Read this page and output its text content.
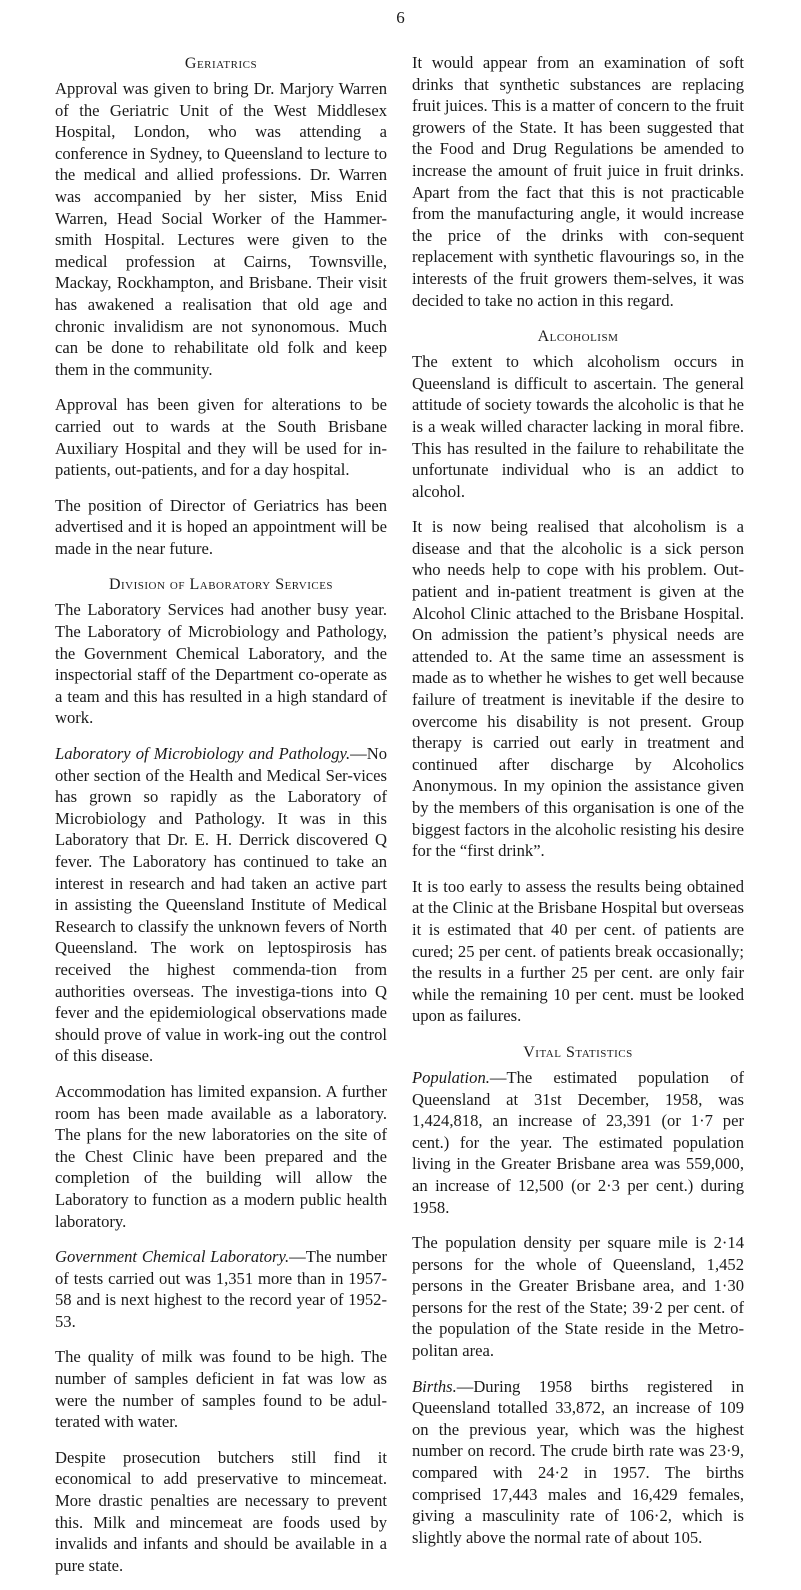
6
Geriatrics

Approval was given to bring Dr. Marjory Warren of the Geriatric Unit of the West Middlesex Hospital, London, who was attending a conference in Sydney, to Queensland to lecture to the medical and allied professions. Dr. Warren was accompanied by her sister, Miss Enid Warren, Head Social Worker of the Hammer-smith Hospital. Lectures were given to the medical profession at Cairns, Townsville, Mackay, Rockhampton, and Brisbane. Their visit has awakened a realisation that old age and chronic invalidism are not synonomous. Much can be done to rehabilitate old folk and keep them in the community.

Approval has been given for alterations to be carried out to wards at the South Brisbane Auxiliary Hospital and they will be used for in-patients, out-patients, and for a day hospital.

The position of Director of Geriatrics has been advertised and it is hoped an appointment will be made in the near future.

Division of Laboratory Services

The Laboratory Services had another busy year. The Laboratory of Microbiology and Pathology, the Government Chemical Laboratory, and the inspectorial staff of the Department co-operate as a team and this has resulted in a high standard of work.

Laboratory of Microbiology and Pathology.—No other section of the Health and Medical Ser-vices has grown so rapidly as the Laboratory of Microbiology and Pathology. It was in this Laboratory that Dr. E. H. Derrick discovered Q fever. The Laboratory has continued to take an interest in research and had taken an active part in assisting the Queensland Institute of Medical Research to classify the unknown fevers of North Queensland. The work on leptospirosis has received the highest commenda-tion from authorities overseas. The investiga-tions into Q fever and the epidemiological observations made should prove of value in work-ing out the control of this disease.

Accommodation has limited expansion. A further room has been made available as a laboratory. The plans for the new laboratories on the site of the Chest Clinic have been prepared and the completion of the building will allow the Laboratory to function as a modern public health laboratory.

Government Chemical Laboratory.—The number of tests carried out was 1,351 more than in 1957-58 and is next highest to the record year of 1952-53.

The quality of milk was found to be high. The number of samples deficient in fat was low as were the number of samples found to be adul-terated with water.

Despite prosecution butchers still find it economical to add preservative to mincemeat. More drastic penalties are necessary to prevent this. Milk and mincemeat are foods used by invalids and infants and should be available in a pure state.

It would appear from an examination of soft drinks that synthetic substances are replacing fruit juices. This is a matter of concern to the fruit growers of the State. It has been suggested that the Food and Drug Regulations be amended to increase the amount of fruit juice in fruit drinks. Apart from the fact that this is not practicable from the manufacturing angle, it would increase the price of the drinks with con-sequent replacement with synthetic flavourings so, in the interests of the fruit growers them-selves, it was decided to take no action in this regard.

Alcoholism

The extent to which alcoholism occurs in Queensland is difficult to ascertain. The general attitude of society towards the alcoholic is that he is a weak willed character lacking in moral fibre. This has resulted in the failure to rehabilitate the unfortunate individual who is an addict to alcohol.

It is now being realised that alcoholism is a disease and that the alcoholic is a sick person who needs help to cope with his problem. Out-patient and in-patient treatment is given at the Alcohol Clinic attached to the Brisbane Hospital. On admission the patient’s physical needs are attended to. At the same time an assessment is made as to whether he wishes to get well because failure of treatment is inevitable if the desire to overcome his disability is not present. Group therapy is carried out early in treatment and continued after discharge by Alcoholics Anonymous. In my opinion the assistance given by the members of this organisation is one of the biggest factors in the alcoholic resisting his desire for the “first drink”.

It is too early to assess the results being obtained at the Clinic at the Brisbane Hospital but overseas it is estimated that 40 per cent. of patients are cured; 25 per cent. of patients break occasionally; the results in a further 25 per cent. are only fair while the remaining 10 per cent. must be looked upon as failures.

Vital Statistics

Population.—The estimated population of Queensland at 31st December, 1958, was 1,424,818, an increase of 23,391 (or 1·7 per cent.) for the year. The estimated population living in the Greater Brisbane area was 559,000, an increase of 12,500 (or 2·3 per cent.) during 1958.

The population density per square mile is 2·14 persons for the whole of Queensland, 1,452 persons in the Greater Brisbane area, and 1·30 persons for the rest of the State; 39·2 per cent. of the population of the State reside in the Metro-politan area.

Births.—During 1958 births registered in Queensland totalled 33,872, an increase of 109 on the previous year, which was the highest number on record. The crude birth rate was 23·9, compared with 24·2 in 1957. The births comprised 17,443 males and 16,429 females, giving a masculinity rate of 106·2, which is slightly above the normal rate of about 105.
